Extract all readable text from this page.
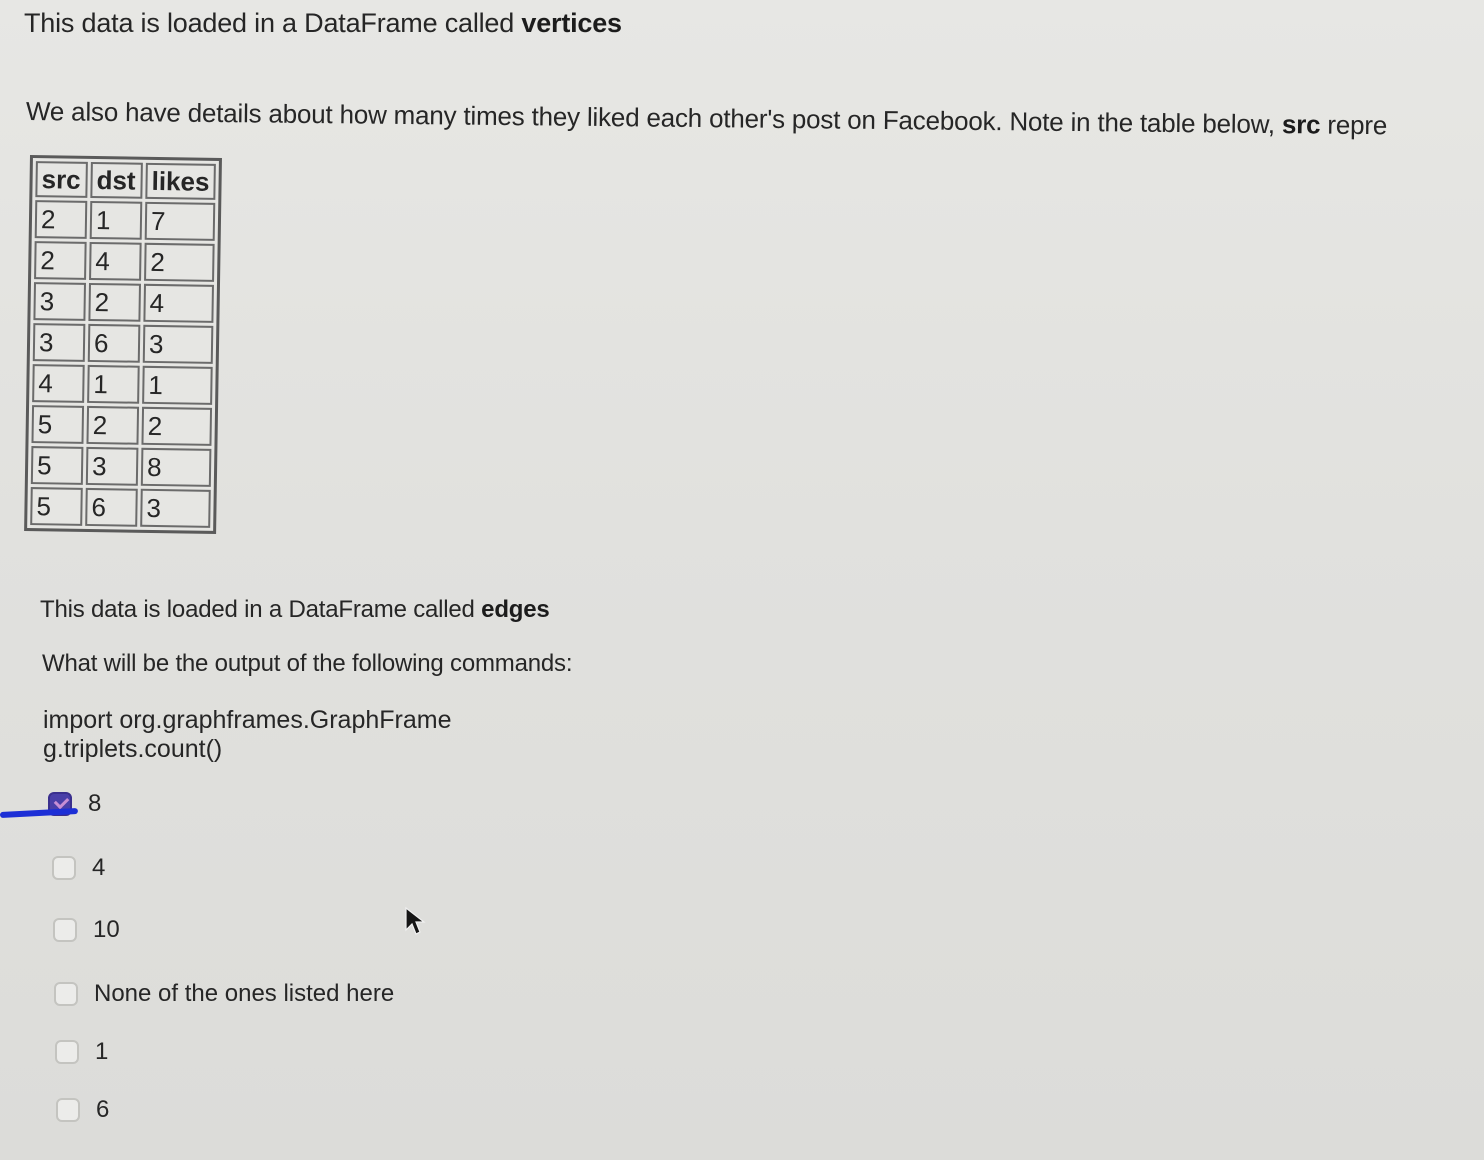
This data is loaded in a DataFrame called vertices
We also have details about how many times they liked each other's post on Facebook. Note in the table below, src repre
src	dst	likes
2	1	7
2	4	2
3	2	4
3	6	3
4	1	1
5	2	2
5	3	8
5	6	3
This data is loaded in a DataFrame called edges
What will be the output of the following commands:
import org.graphframes.GraphFrame
g.triplets.count()
8
4
10
None of the ones listed here
1
6
